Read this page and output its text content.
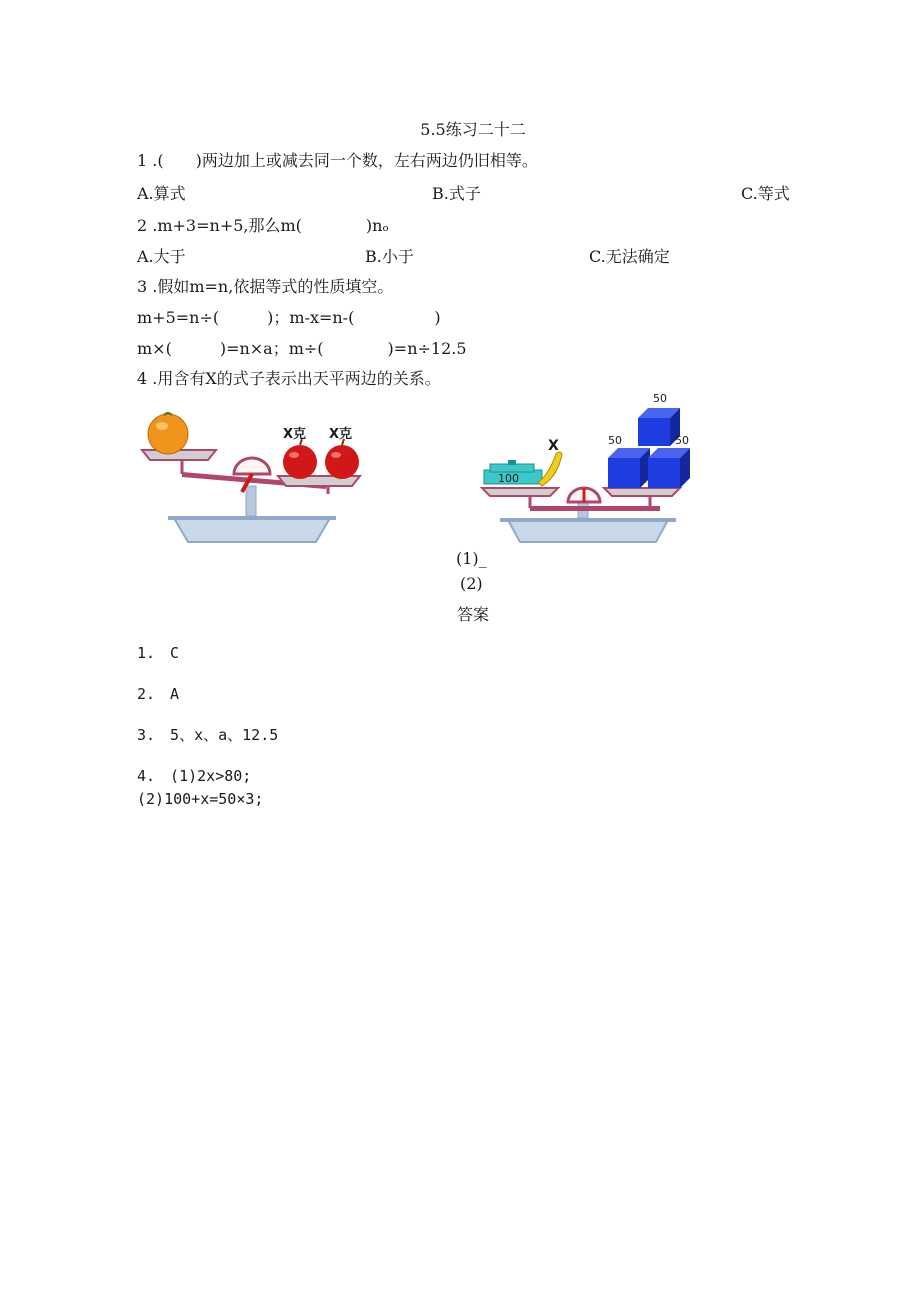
5.5练习二十二
1 .(　　)两边加上或减去同一个数，左右两边仍旧相等。
A.算式	B.式子	C.等式
2 .m+3=n+5,那么m(　　　　)nₒ
A.大于	B.小于	C.无法确定
3 .假如m=n,依据等式的性质填空。
m+5=n÷(　　　)；m-x=n-(　　　　　)
m×(　　　)=n×a；m÷(　　　　)=n÷12.5
4 .用含有X的式子表示出天平两边的关系。
X克 X克
100
X	50
50
50
(1)_
(2)
答案
1.　C
2.　A
3.　5、x、a、12.5
4.　(1)2x>80;
(2)100+x=50×3;
